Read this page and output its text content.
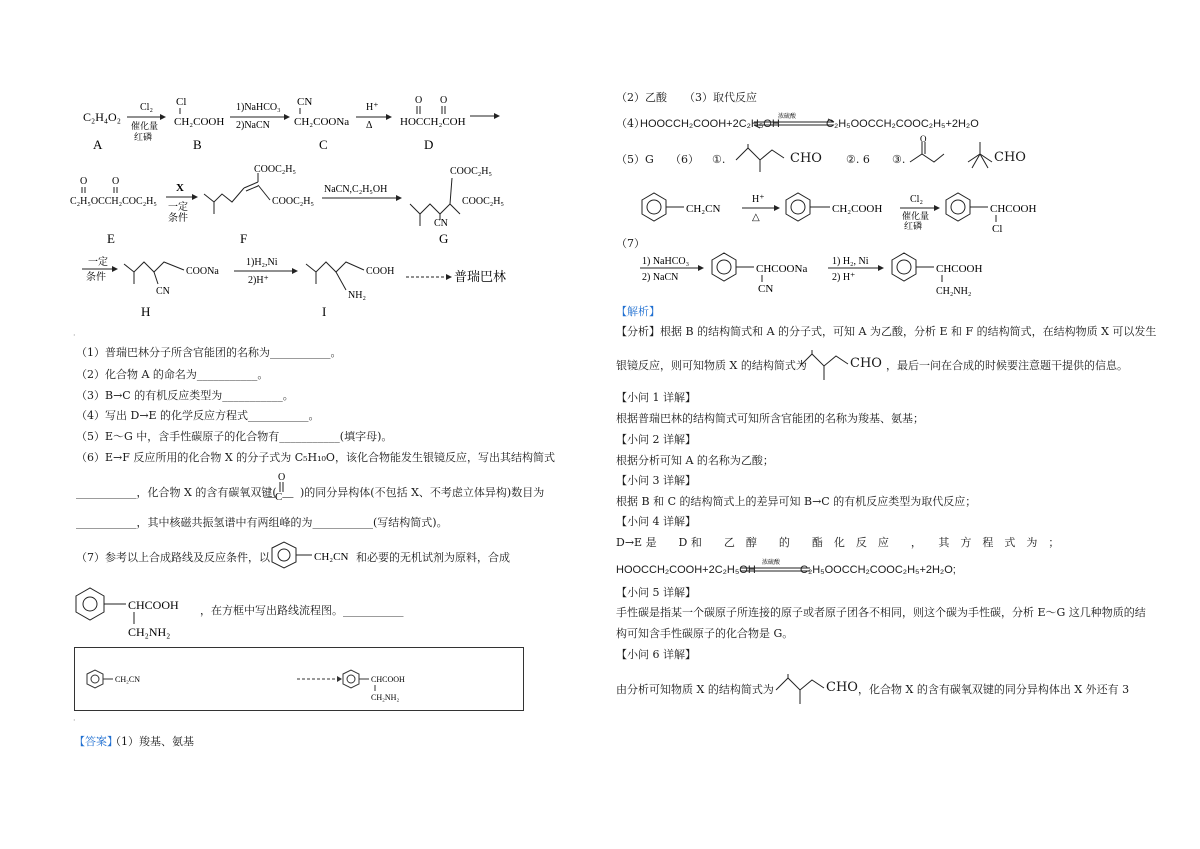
C₂H₄O₂
A
Cl₂
催化量
红磷
Cl
CH₂COOH
B
1)NaHCO₃
2)NaCN
CN
CH₂COONa
C
H⁺
Δ
O O
HOCCH₂COH
D
O O
C₂H₅OCCH₂COC₂H₅
E
X
一定
条件
COOC₂H₅
COOC₂H₅
F
NaCN,C₂H₅OH
COOC₂H₅
COOC₂H₅
CN
G
一定
条件
COONa
CN
H
1)H₂,Ni
2)H⁺
COOH
NH₂
I
普瑞巴林
·
（1）普瑞巴林分子所含官能团的名称为___________。
（2）化合物 A 的命名为___________。
（3）B→C 的有机反应类型为___________。
（4）写出 D→E 的化学反应方程式___________。
（5）E～G 中，含手性碳原子的化合物有___________(填字母)。
（6）E→F 反应所用的化合物 X 的分子式为 C₅H₁₀O，该化合物能发生银镜反应，写出其结构简式
___________，化合物 X 的含有碳氧双键(
O
—C— )的同分异构体(不包括 X、不考虑立体异构)数目为
___________，其中核磁共振氢谱中有两组峰的为___________(写结构简式)。
（7）参考以上合成路线及反应条件，以	CH₂CN 和必要的无机试剂为原料，合成
CHCOOH
CH₂NH₂
，在方框中写出路线流程图。___________
CH₂CN	CHCOOH
CH₂NH₂
·
【答案】
（1）羧基、氨基
（2）乙酸 （3）取代反应
（4）
HOOCCH₂COOH+2C₂H₅OH
浓硫酸
C₂H₅OOCCH₂COOC₂H₅+2H₂O
（5）G （6） ①.	CHO ②. 6 ③.
O
CHO
CH₂CN
H⁺
△
CH₂COOH
Cl₂
催化量
红磷
CHCOOH
Cl
（7）
1) NaHCO₃
2) NaCN
CHCOONa
CN
1) H₂, Ni
2) H⁺
CHCOOH
CH₂NH₂
【解析】
【分析】根据 B 的结构简式和 A 的分子式，可知 A 为乙酸，分析 E 和 F 的结构简式，在结构物质 X 可以发生
银镜反应，则可知物质 X 的结构简式为	CHO ，最后一问在合成的时候要注意题干提供的信息。
【小问 1 详解】
根据普瑞巴林的结构简式可知所含官能团的名称为羧基、氨基；
【小问 2 详解】
根据分析可知 A 的名称为乙酸；
【小问 3 详解】
根据 B 和 C 的结构简式上的差异可知 B→C 的有机反应类型为取代反应；
【小问 4 详解】
D→E 是　　D 和　　乙　醇　　的　　酯　化　反　应　　，　　其　方　程　式　为　；
HOOCCH₂COOH+2C₂H₅OH
浓硫酸
C₂H₅OOCCH₂COOC₂H₅+2H₂O;
【小问 5 详解】
手性碳是指某一个碳原子所连接的原子或者原子团各不相同，则这个碳为手性碳，分析 E～G 这几种物质的结
构可知含手性碳原子的化合物是 G。
【小问 6 详解】
由分析可知物质 X 的结构简式为	CHO ，化合物 X 的含有碳氧双键的同分异构体出 X 外还有 3
